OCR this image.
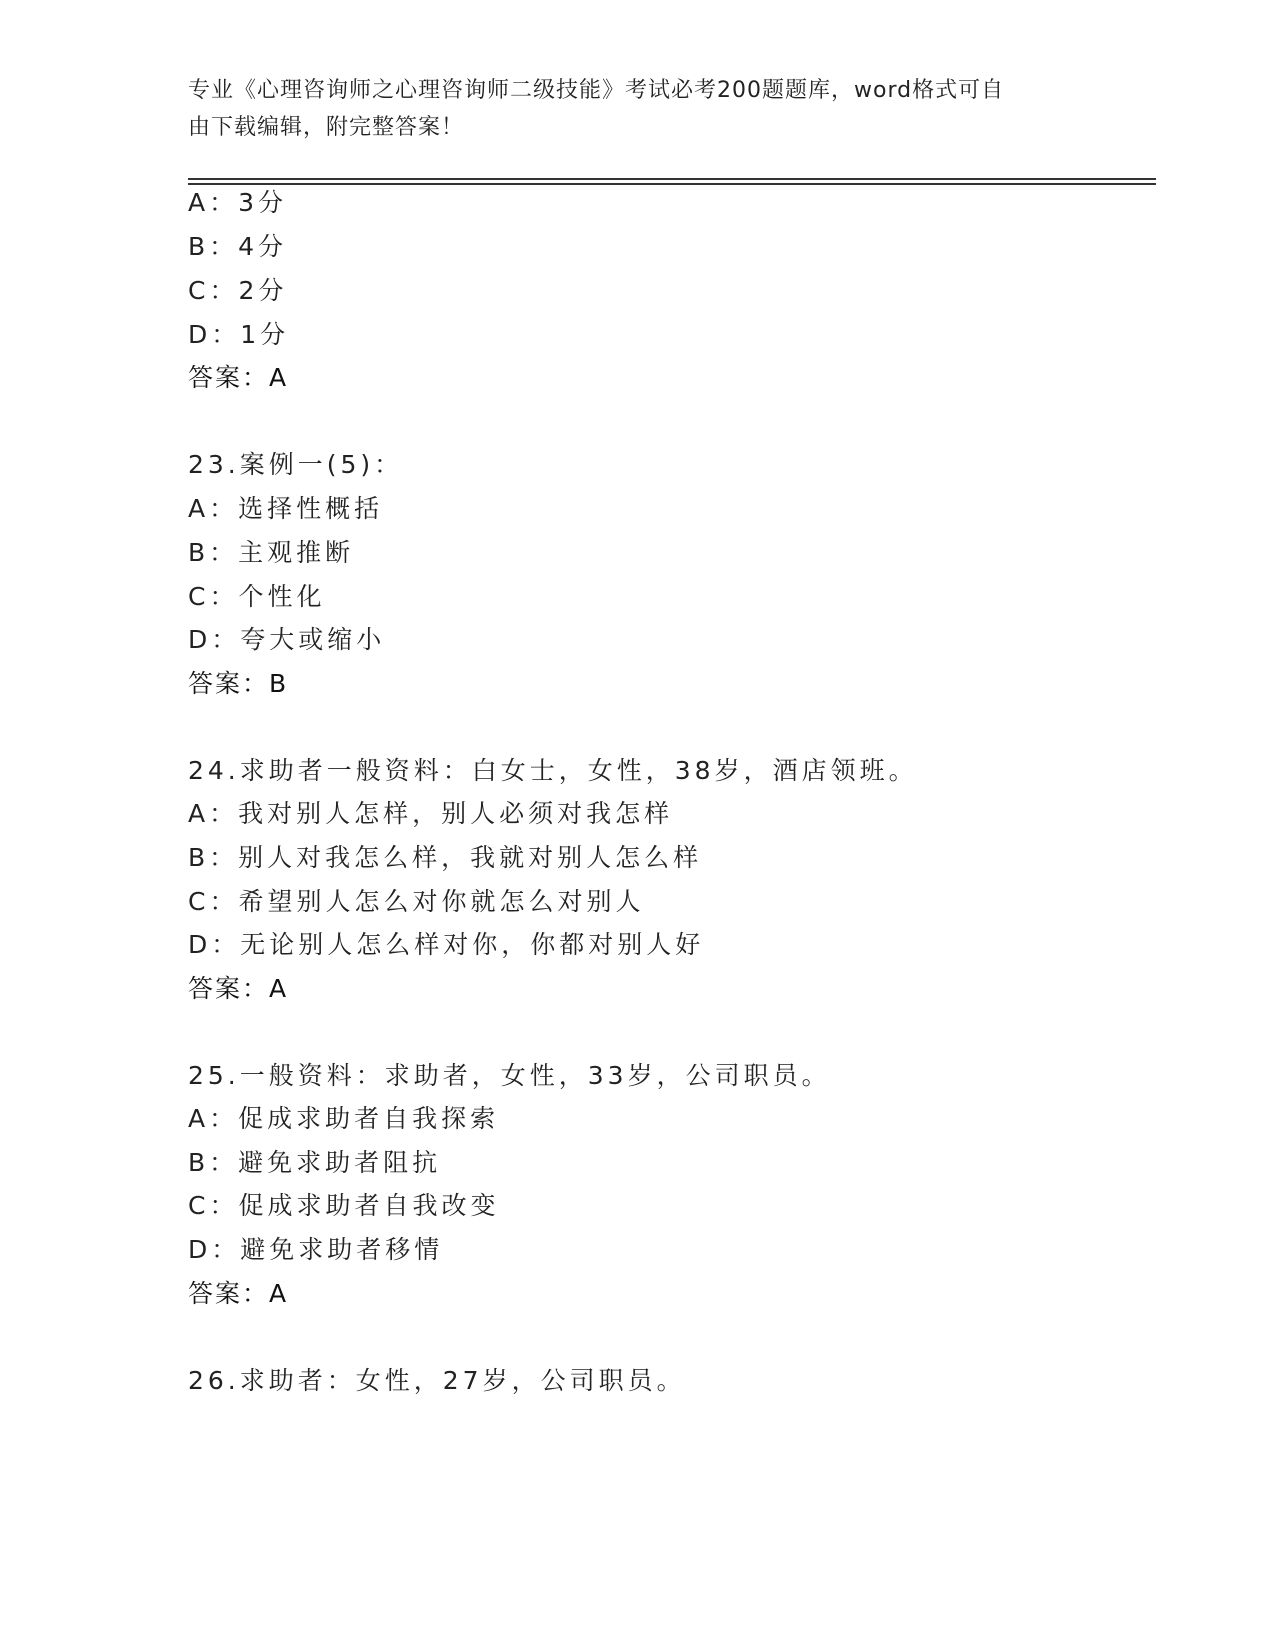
专业《心理咨询师之心理咨询师二级技能》考试必考200题题库，word格式可自
由下载编辑，附完整答案！
A：3分
B：4分
C：2分
D：1分
答案：A
23.案例一(5)：
A：选择性概括
B：主观推断
C：个性化
D：夸大或缩小
答案：B
24.求助者一般资料：白女士，女性，38岁，酒店领班。
A：我对别人怎样，别人必须对我怎样
B：别人对我怎么样，我就对别人怎么样
C：希望别人怎么对你就怎么对别人
D：无论别人怎么样对你，你都对别人好
答案：A
25.一般资料：求助者，女性，33岁，公司职员。
A：促成求助者自我探索
B：避免求助者阻抗
C：促成求助者自我改变
D：避免求助者移情
答案：A
26.求助者：女性，27岁，公司职员。
